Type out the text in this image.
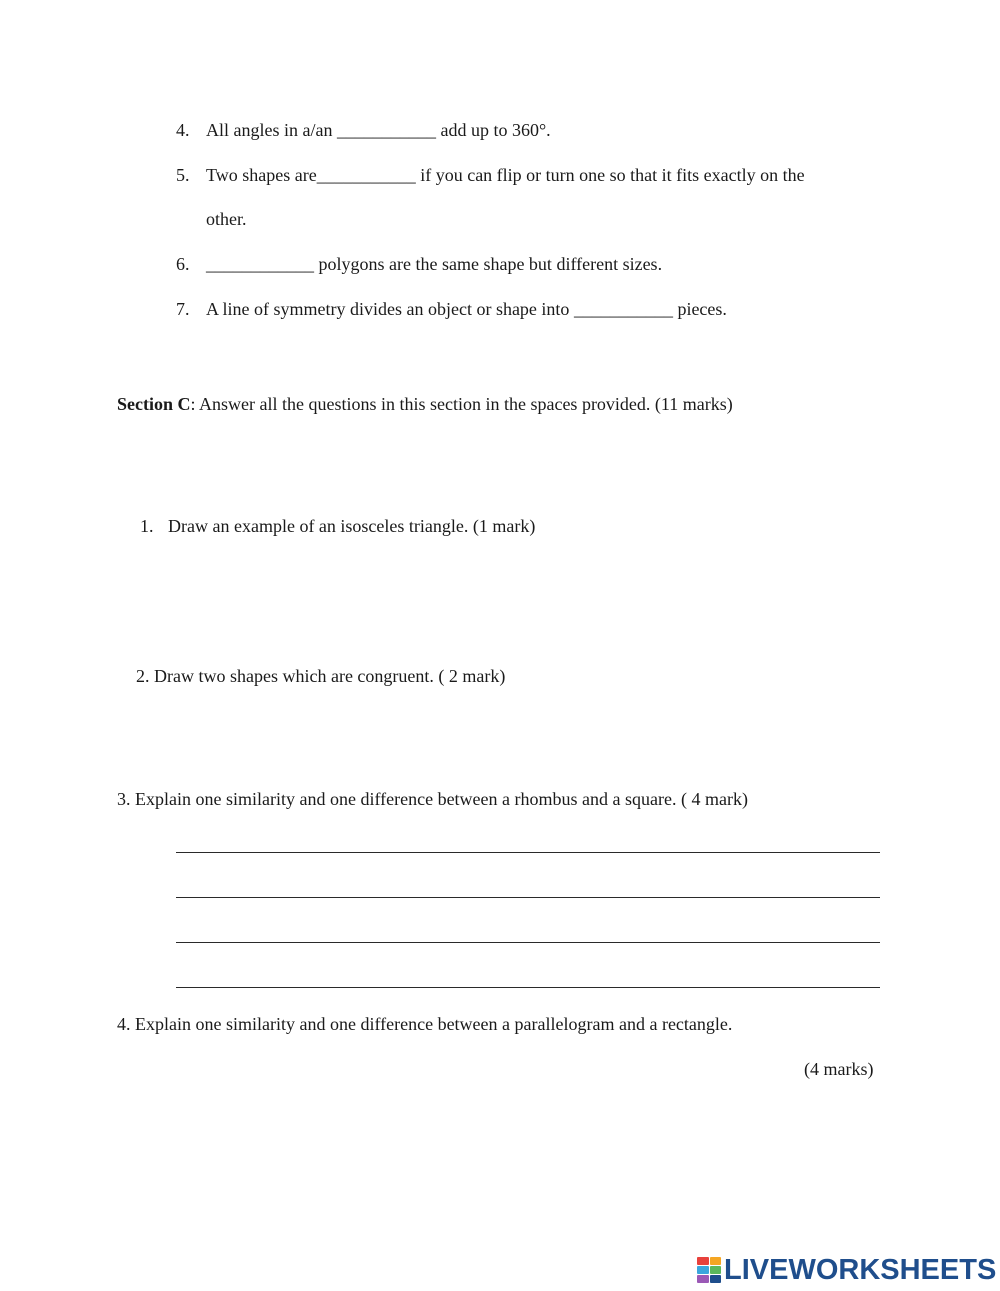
4. All angles in a/an ___________ add up to 360°.
5. Two shapes are___________ if you can flip or turn one so that it fits exactly on the
other.
6. ____________ polygons are the same shape but different sizes.
7. A line of symmetry divides an object or shape into ___________ pieces.
Section C: Answer all the questions in this section in the spaces provided. (11 marks)
1. Draw an example of an isosceles triangle. (1 mark)
2. Draw two shapes which are congruent. ( 2 mark)
3. Explain one similarity and one difference between a rhombus and a square. ( 4 mark)
4. Explain one similarity and one difference between a parallelogram and a rectangle.
(4 marks)
LIVEWORKSHEETS
